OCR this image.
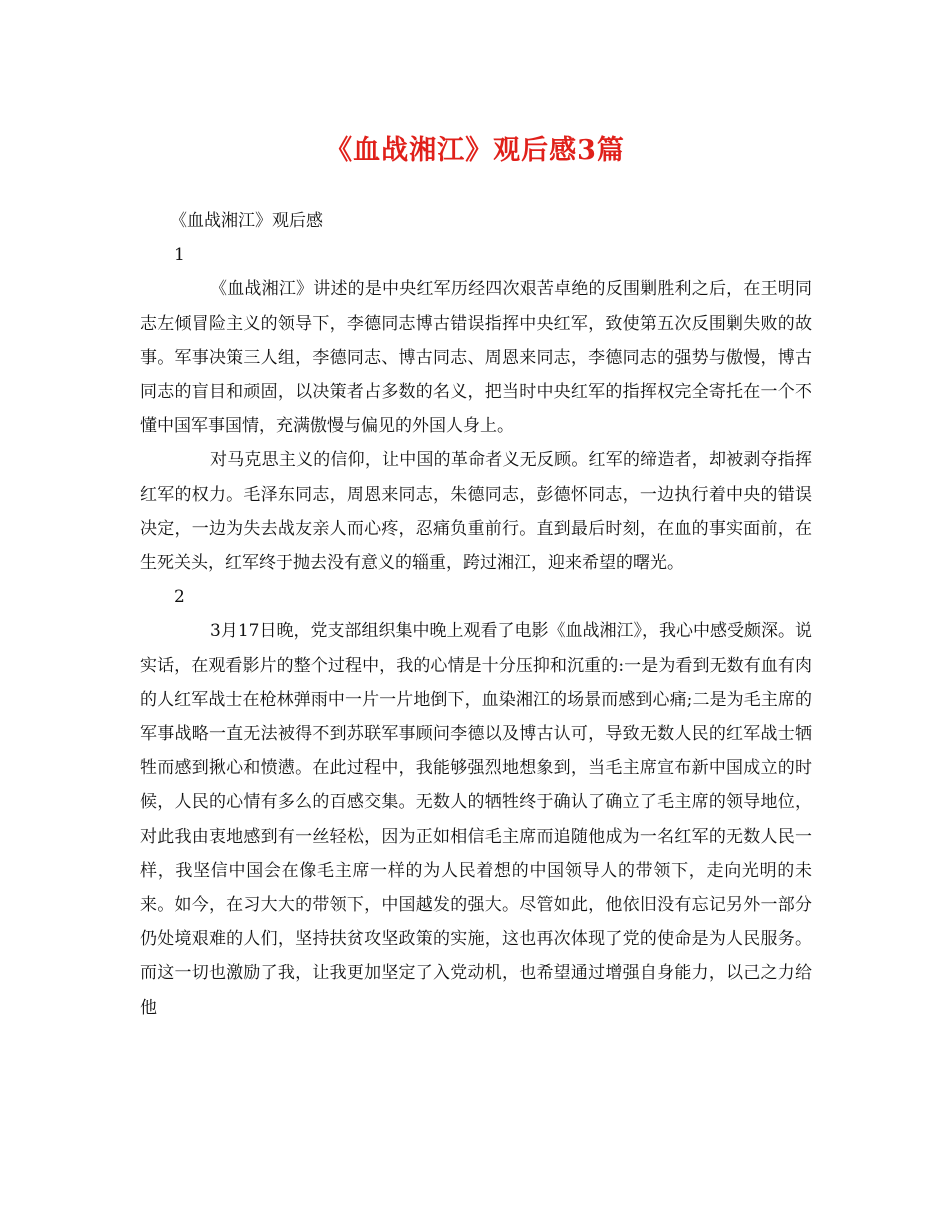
《血战湘江》观后感3篇

《血战湘江》观后感

1

《血战湘江》讲述的是中央红军历经四次艰苦卓绝的反围剿胜利之后，在王明同志左倾冒险主义的领导下，李德同志博古错误指挥中央红军，致使第五次反围剿失败的故事。军事决策三人组，李德同志、博古同志、周恩来同志，李德同志的强势与傲慢，博古同志的盲目和顽固，以决策者占多数的名义，把当时中央红军的指挥权完全寄托在一个不懂中国军事国情，充满傲慢与偏见的外国人身上。

对马克思主义的信仰，让中国的革命者义无反顾。红军的缔造者，却被剥夺指挥红军的权力。毛泽东同志，周恩来同志，朱德同志，彭德怀同志，一边执行着中央的错误决定，一边为失去战友亲人而心疼，忍痛负重前行。直到最后时刻，在血的事实面前，在生死关头，红军终于抛去没有意义的辎重，跨过湘江，迎来希望的曙光。

2

3月17日晚，党支部组织集中晚上观看了电影《血战湘江》，我心中感受颇深。说实话，在观看影片的整个过程中，我的心情是十分压抑和沉重的:一是为看到无数有血有肉的人红军战士在枪林弹雨中一片一片地倒下，血染湘江的场景而感到心痛;二是为毛主席的军事战略一直无法被得不到苏联军事顾问李德以及博古认可，导致无数人民的红军战士牺牲而感到揪心和愤懑。在此过程中，我能够强烈地想象到，当毛主席宣布新中国成立的时候，人民的心情有多么的百感交集。无数人的牺牲终于确认了确立了毛主席的领导地位，对此我由衷地感到有一丝轻松，因为正如相信毛主席而追随他成为一名红军的无数人民一样，我坚信中国会在像毛主席一样的为人民着想的中国领导人的带领下，走向光明的未来。如今，在习大大的带领下，中国越发的强大。尽管如此，他依旧没有忘记另外一部分仍处境艰难的人们，坚持扶贫攻坚政策的实施，这也再次体现了党的使命是为人民服务。而这一切也激励了我，让我更加坚定了入党动机，也希望通过增强自身能力，以己之力给他
